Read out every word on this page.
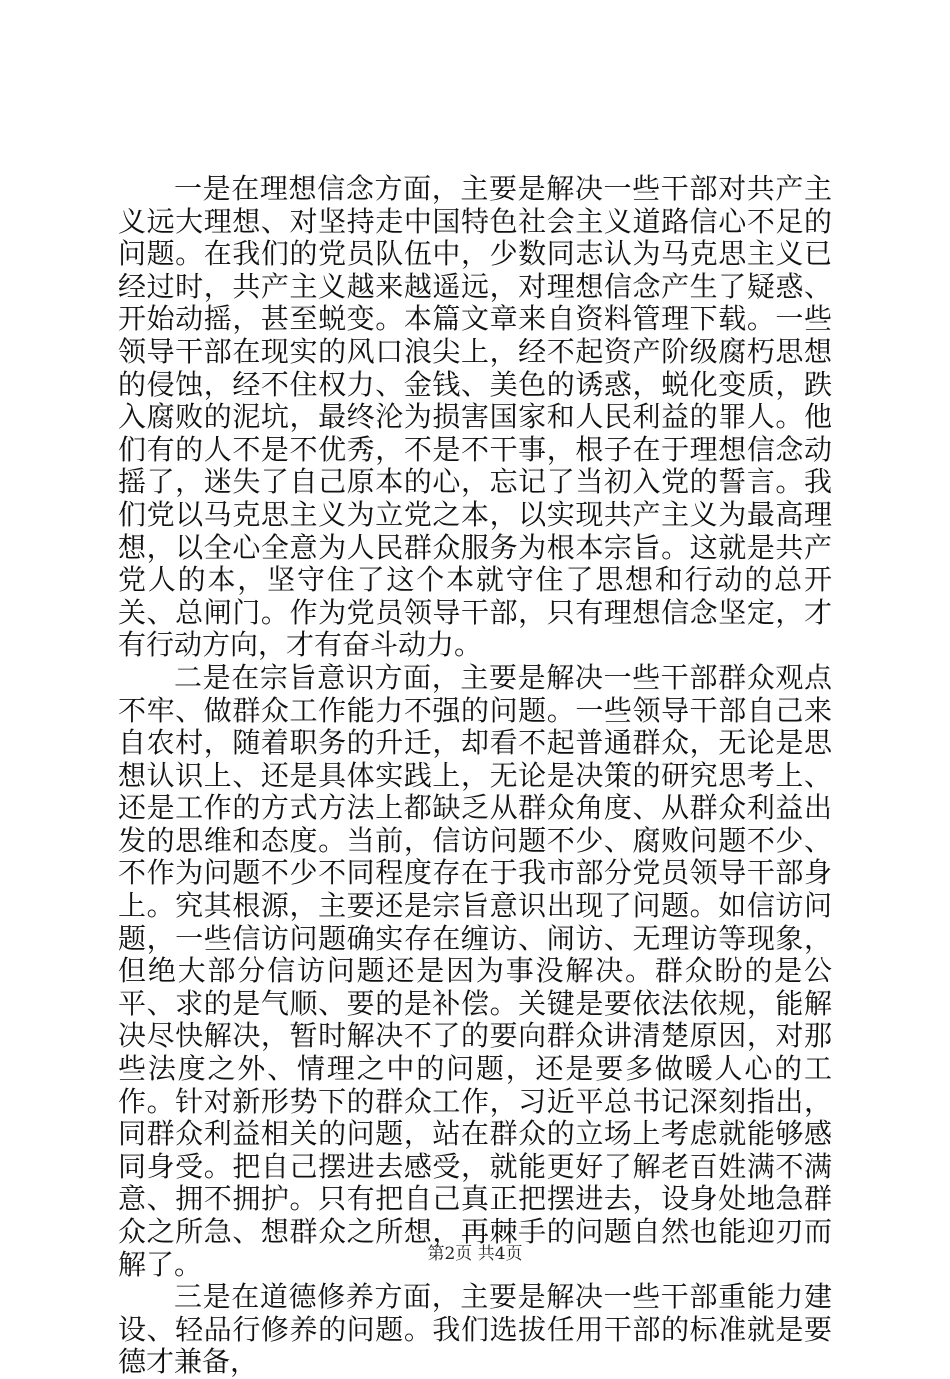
一是在理想信念方面，主要是解决一些干部对共产主义远大理想、对坚持走中国特色社会主义道路信心不足的问题。在我们的党员队伍中，少数同志认为马克思主义已经过时，共产主义越来越遥远，对理想信念产生了疑惑、开始动摇，甚至蜕变。本篇文章来自资料管理下载。一些领导干部在现实的风口浪尖上，经不起资产阶级腐朽思想的侵蚀，经不住权力、金钱、美色的诱惑，蜕化变质，跌入腐败的泥坑，最终沦为损害国家和人民利益的罪人。他们有的人不是不优秀，不是不干事，根子在于理想信念动摇了，迷失了自己原本的心，忘记了当初入党的誓言。我们党以马克思主义为立党之本，以实现共产主义为最高理想，以全心全意为人民群众服务为根本宗旨。这就是共产党人的本，坚守住了这个本就守住了思想和行动的总开关、总闸门。作为党员领导干部，只有理想信念坚定，才有行动方向，才有奋斗动力。

二是在宗旨意识方面，主要是解决一些干部群众观点不牢、做群众工作能力不强的问题。一些领导干部自己来自农村，随着职务的升迁，却看不起普通群众，无论是思想认识上、还是具体实践上，无论是决策的研究思考上、还是工作的方式方法上都缺乏从群众角度、从群众利益出发的思维和态度。当前，信访问题不少、腐败问题不少、不作为问题不少不同程度存在于我市部分党员领导干部身上。究其根源，主要还是宗旨意识出现了问题。如信访问题，一些信访问题确实存在缠访、闹访、无理访等现象，但绝大部分信访问题还是因为事没解决。群众盼的是公平、求的是气顺、要的是补偿。关键是要依法依规，能解决尽快解决，暂时解决不了的要向群众讲清楚原因，对那些法度之外、情理之中的问题，还是要多做暖人心的工作。针对新形势下的群众工作，习近平总书记深刻指出，同群众利益相关的问题，站在群众的立场上考虑就能够感同身受。把自己摆进去感受，就能更好了解老百姓满不满意、拥不拥护。只有把自己真正把摆进去，设身处地急群众之所急、想群众之所想，再棘手的问题自然也能迎刃而解了。

三是在道德修养方面，主要是解决一些干部重能力建设、轻品行修养的问题。我们选拔任用干部的标准就是要德才兼备，

第2页 共4页
